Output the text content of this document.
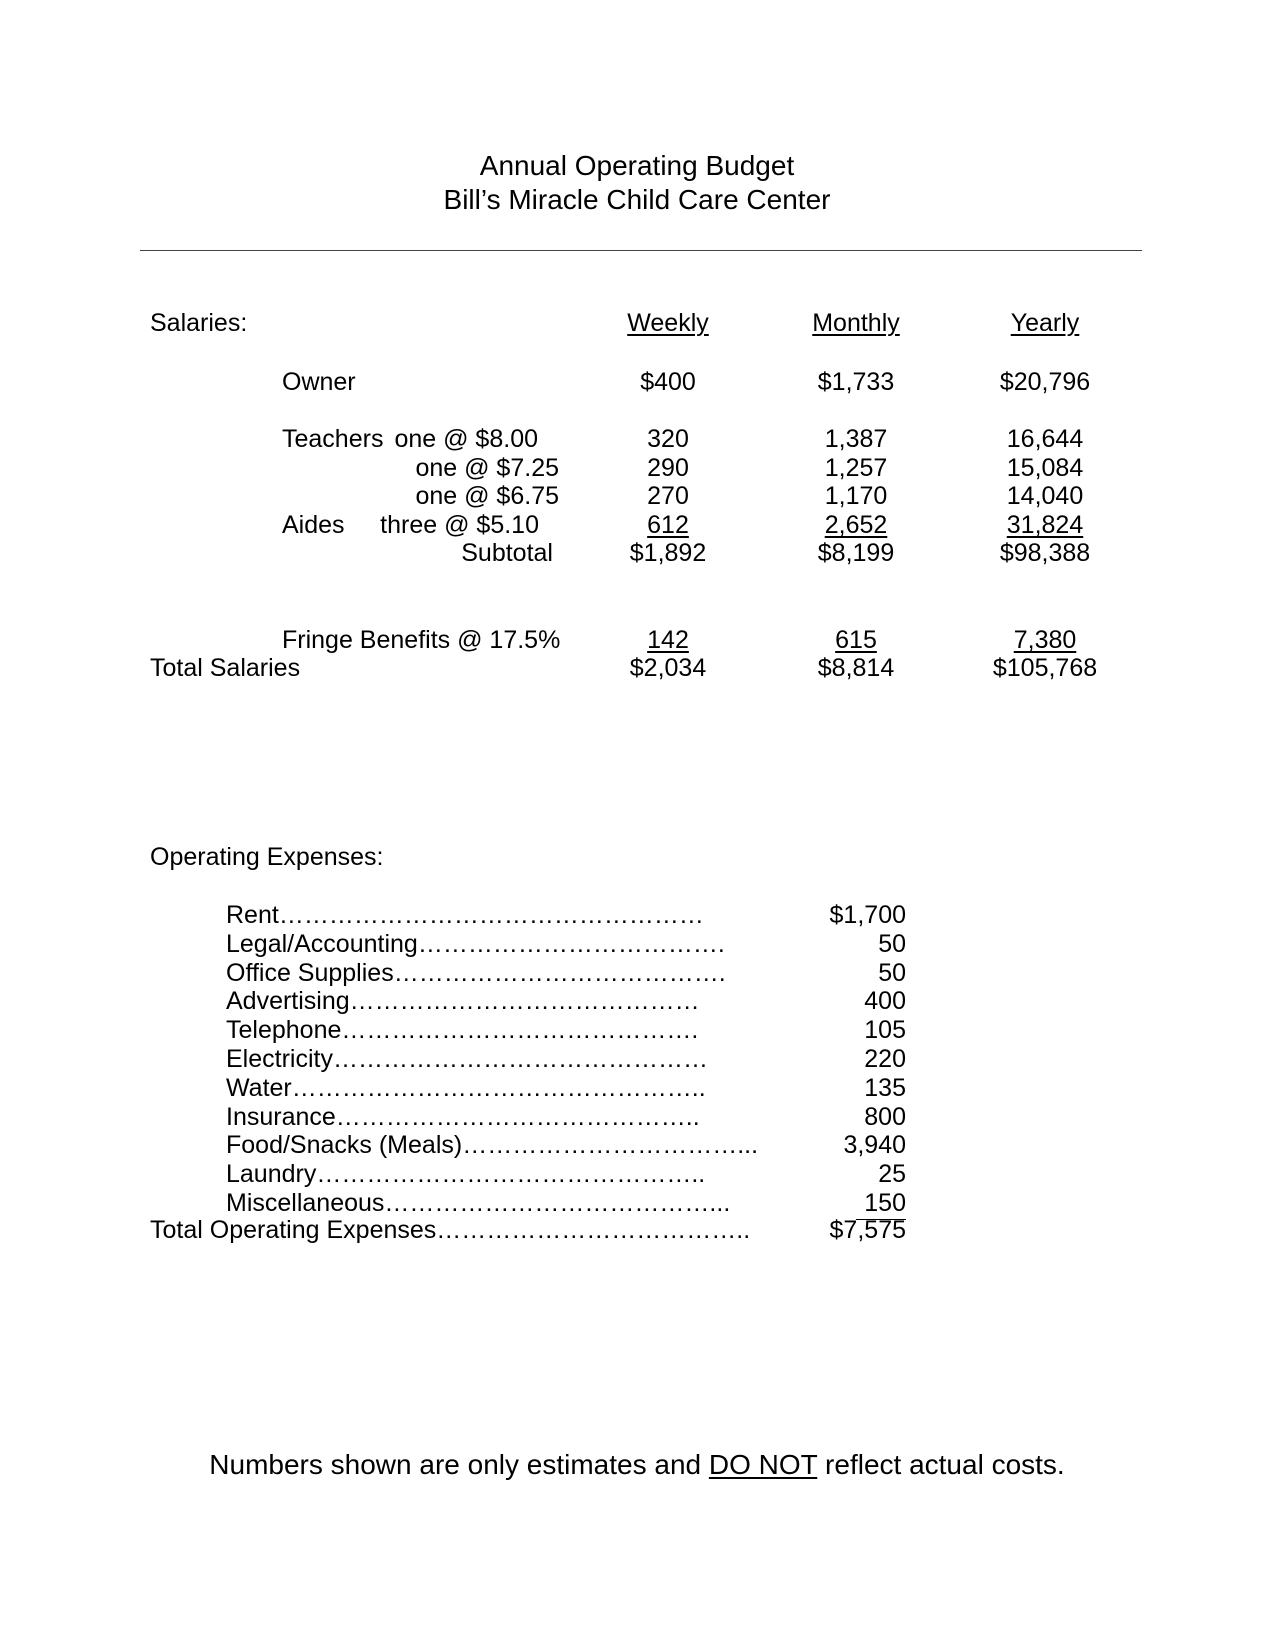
Annual Operating Budget
Bill’s Miracle Child Care Center
Salaries:	Weekly	Monthly	Yearly
Owner	$400	$1,733	$20,796
Teachers one @ $8.00	320	1,387	16,644
one @ $7.25	290	1,257	15,084
one @ $6.75	270	1,170	14,040
Aides three @ $5.10	612	2,652	31,824
Subtotal	$1,892	$8,199	$98,388
Fringe Benefits @ 17.5%	142	615	7,380
Total Salaries	$2,034	$8,814	$105,768
Operating Expenses:
Rent……………………………………………	$1,700
Legal/Accounting……………………………….	50
Office Supplies………………………………….	50
Advertising……………………………………	400
Telephone…………………………………….	105
Electricity………………………………………	220
Water…………………………………………..	135
Insurance……………………………………..	800
Food/Snacks (Meals)……………………………...	3,940
Laundry………………………………………..	25
Miscellaneous…………………………………...	150
Total Operating Expenses………………………………..	$7,575
Numbers shown are only estimates and DO NOT reflect actual costs.
